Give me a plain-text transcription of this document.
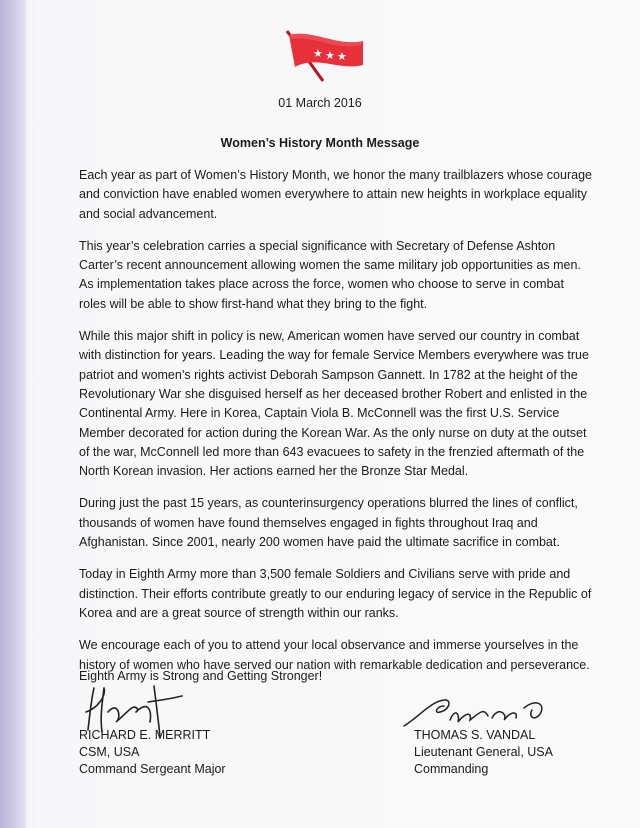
★ ★ ★
01 March 2016
Women’s History Month Message

Each year as part of Women’s History Month, we honor the many trailblazers whose courage and conviction have enabled women everywhere to attain new heights in workplace equality and social advancement.

This year’s celebration carries a special significance with Secretary of Defense Ashton Carter’s recent announcement allowing women the same military job opportunities as men. As implementation takes place across the force, women who choose to serve in combat roles will be able to show first-hand what they bring to the fight.

While this major shift in policy is new, American women have served our country in combat with distinction for years. Leading the way for female Service Members everywhere was true patriot and women’s rights activist Deborah Sampson Gannett. In 1782 at the height of the Revolutionary War she disguised herself as her deceased brother Robert and enlisted in the Continental Army. Here in Korea, Captain Viola B. McConnell was the first U.S. Service Member decorated for action during the Korean War. As the only nurse on duty at the outset of the war, McConnell led more than 643 evacuees to safety in the frenzied aftermath of the North Korean invasion. Her actions earned her the Bronze Star Medal.

During just the past 15 years, as counterinsurgency operations blurred the lines of conflict, thousands of women have found themselves engaged in fights throughout Iraq and Afghanistan. Since 2001, nearly 200 women have paid the ultimate sacrifice in combat.

Today in Eighth Army more than 3,500 female Soldiers and Civilians serve with pride and distinction. Their efforts contribute greatly to our enduring legacy of service in the Republic of Korea and are a great source of strength within our ranks.

We encourage each of you to attend your local observance and immerse yourselves in the history of women who have served our nation with remarkable dedication and perseverance.

Eighth Army is Strong and Getting Stronger!
RICHARD E. MERRITT
CSM, USA
Command Sergeant Major
THOMAS S. VANDAL
Lieutenant General, USA
Commanding
